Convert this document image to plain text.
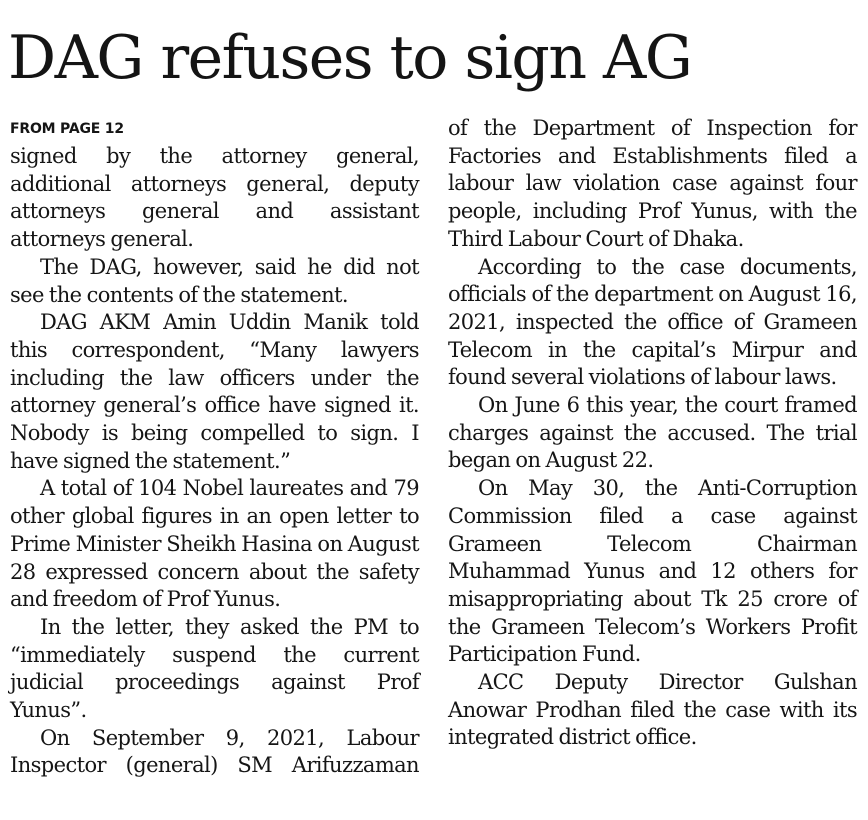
DAG refuses to sign AG
FROM PAGE 12

signed by the attorney general, additional attorneys general, deputy attorneys general and assistant attorneys general.

The DAG, however, said he did not see the contents of the statement.

DAG AKM Amin Uddin Manik told this correspondent, “Many lawyers including the law officers under the attorney general’s office have signed it. Nobody is being compelled to sign. I have signed the statement.”

A total of 104 Nobel laureates and 79 other global figures in an open letter to Prime Minister Sheikh Hasina on August 28 expressed concern about the safety and freedom of Prof Yunus.

In the letter, they asked the PM to “immediately suspend the current judicial proceedings against Prof Yunus”.

On September 9, 2021, Labour Inspector (general) SM Arifuzzaman

of the Department of Inspection for Factories and Establishments filed a labour law violation case against four people, including Prof Yunus, with the Third Labour Court of Dhaka.

According to the case documents, officials of the department on August 16, 2021, inspected the office of Grameen Telecom in the capital’s Mirpur and found several violations of labour laws.

On June 6 this year, the court framed charges against the accused. The trial began on August 22.

On May 30, the Anti-Corruption Commission filed a case against Grameen Telecom Chairman Muhammad Yunus and 12 others for misappropriating about Tk 25 crore of the Grameen Telecom’s Workers Profit Participation Fund.

ACC Deputy Director Gulshan Anowar Prodhan filed the case with its integrated district office.
